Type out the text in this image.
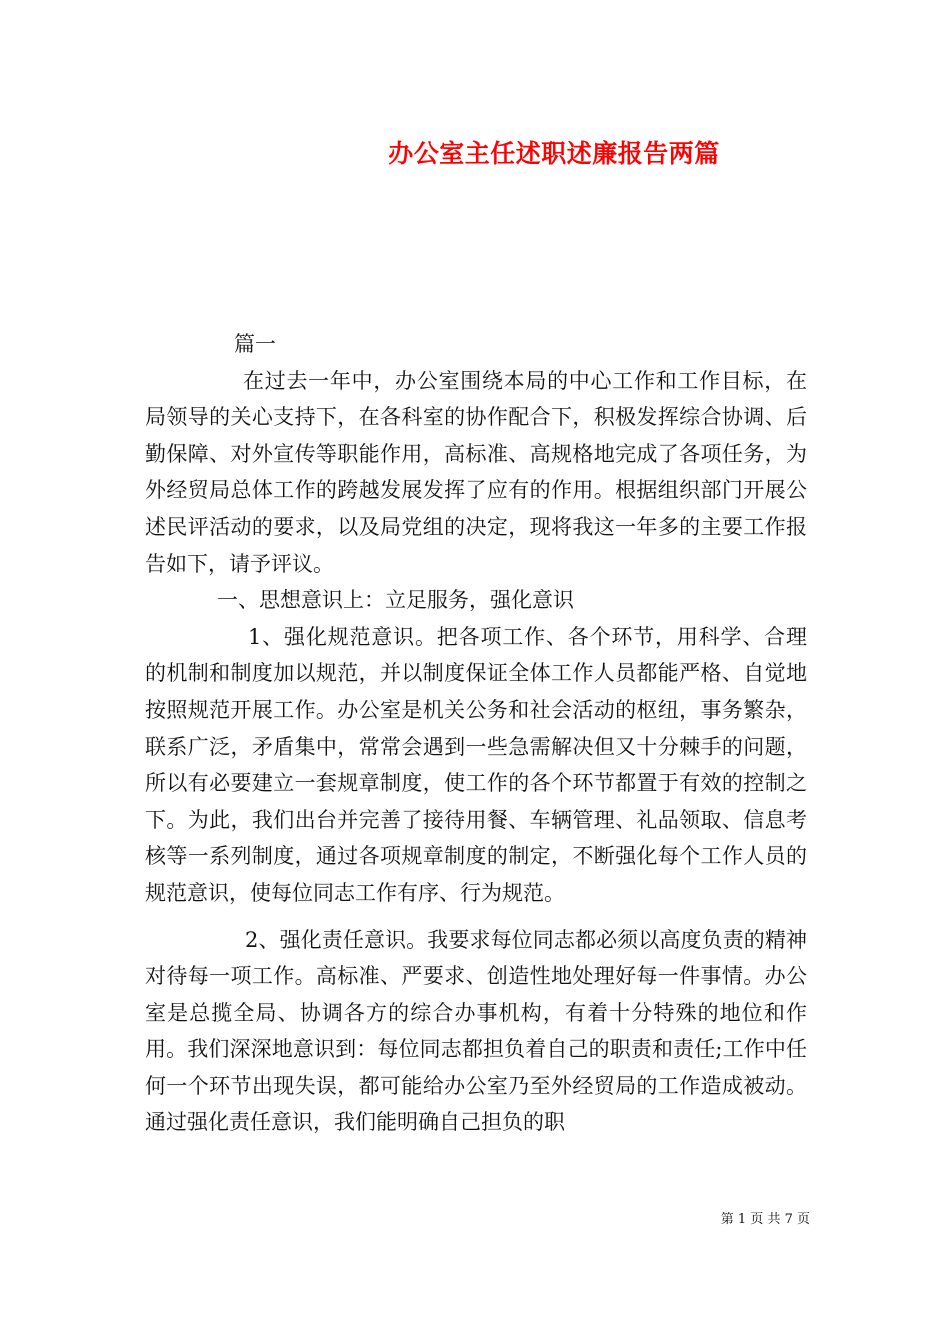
办公室主任述职述廉报告两篇

篇一

在过去一年中，办公室围绕本局的中心工作和工作目标，在局领导的关心支持下，在各科室的协作配合下，积极发挥综合协调、后勤保障、对外宣传等职能作用，高标准、高规格地完成了各项任务，为外经贸局总体工作的跨越发展发挥了应有的作用。根据组织部门开展公述民评活动的要求，以及局党组的决定，现将我这一年多的主要工作报告如下，请予评议。

一、思想意识上：立足服务，强化意识

1、强化规范意识。把各项工作、各个环节，用科学、合理的机制和制度加以规范，并以制度保证全体工作人员都能严格、自觉地按照规范开展工作。办公室是机关公务和社会活动的枢纽，事务繁杂，联系广泛，矛盾集中，常常会遇到一些急需解决但又十分棘手的问题，所以有必要建立一套规章制度，使工作的各个环节都置于有效的控制之下。为此，我们出台并完善了接待用餐、车辆管理、礼品领取、信息考核等一系列制度，通过各项规章制度的制定，不断强化每个工作人员的规范意识，使每位同志工作有序、行为规范。

2、强化责任意识。我要求每位同志都必须以高度负责的精神对待每一项工作。高标准、严要求、创造性地处理好每一件事情。办公室是总揽全局、协调各方的综合办事机构，有着十分特殊的地位和作用。我们深深地意识到：每位同志都担负着自己的职责和责任;工作中任何一个环节出现失误，都可能给办公室乃至外经贸局的工作造成被动。通过强化责任意识，我们能明确自己担负的职

第 1 页 共 7 页
